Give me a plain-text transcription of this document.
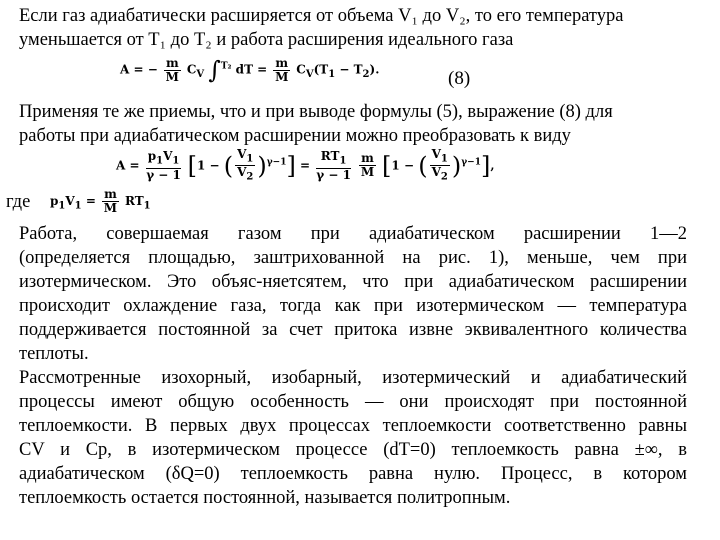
Если газ адиабатически расширяется от объема V₁ до V₂, то его температура
уменьшается от T₁ до T₂ и работа расширения идеального газа
A = − $\frac{m}{M} C_V$ ∫$^{T_2}$ dT = $\frac{m}{M} C_V(T_1 - T_2)$.	(8)
Применяя те же приемы, что и при выводе формулы (5), выражение (8) для
работы при адиабатическом расширении можно преобразовать к виду
$A = \frac{p_1V_1}{\gamma - 1} [1$ − ( $\frac{V_1}{V_2} )^{\gamma-1}] = \frac{RT_1}{\gamma - 1}$
$\frac{m}{M} [1$ − ( $\frac{V_1}{V_2} )^{\gamma-1}$],
где $p_1V_1 = \frac{m}{M} RT_1$
Работа, совершаемая газом при адиабатическом расширении 1—2
(определяется площадью, заштрихованной на рис. 1), меньше, чем при
изотермическом. Это объяс-няетсятем, что при адиабатическом расширении
происходит охлаждение газа, тогда как при изотермическом — температура
поддерживается постоянной за счет притока извне эквивалентного количества
теплоты.
Рассмотренные изохорный, изобарный, изотермический и адиабатический
процессы имеют общую особенность — они происходят при постоянной
теплоемкости. В первых двух процессах теплоемкости соответственно равны
CV и Cp, в изотермическом процессе (dT=0) теплоемкость равна ±∞, в
адиабатическом (δQ=0) теплоемкость равна нулю. Процесс, в котором
теплоемкость остается постоянной, называется политропным.
